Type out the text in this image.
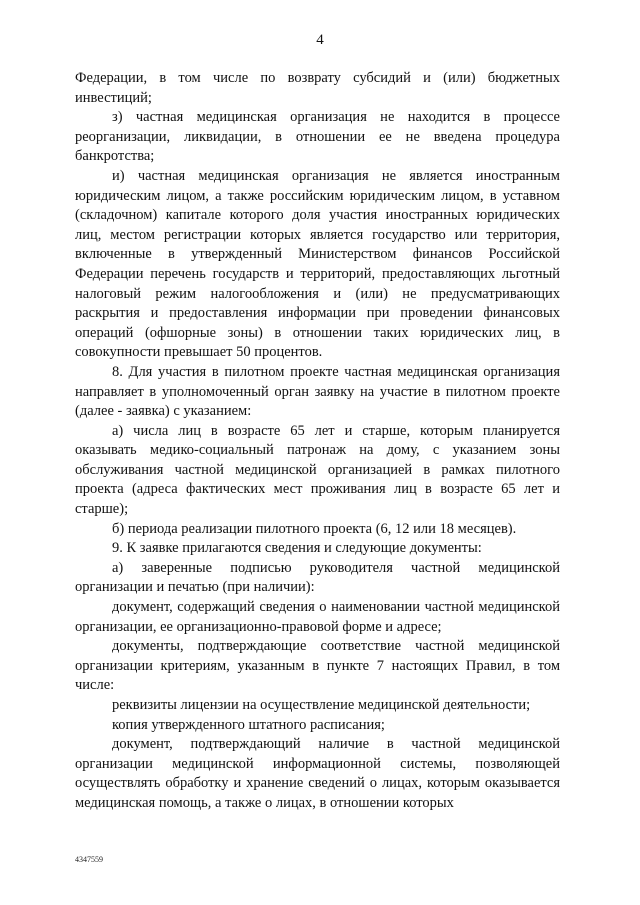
4

Федерации, в том числе по возврату субсидий и (или) бюджетных инвестиций;

з) частная медицинская организация не находится в процессе реорганизации, ликвидации, в отношении ее не введена процедура банкротства;

и) частная медицинская организация не является иностранным юридическим лицом, а также российским юридическим лицом, в уставном (складочном) капитале которого доля участия иностранных юридических лиц, местом регистрации которых является государство или территория, включенные в утвержденный Министерством финансов Российской Федерации перечень государств и территорий, предоставляющих льготный налоговый режим налогообложения и (или) не предусматривающих раскрытия и предоставления информации при проведении финансовых операций (офшорные зоны) в отношении таких юридических лиц, в совокупности превышает 50 процентов.

8. Для участия в пилотном проекте частная медицинская организация направляет в уполномоченный орган заявку на участие в пилотном проекте (далее - заявка) с указанием:

а) числа лиц в возрасте 65 лет и старше, которым планируется оказывать медико-социальный патронаж на дому, с указанием зоны обслуживания частной медицинской организацией в рамках пилотного проекта (адреса фактических мест проживания лиц в возрасте 65 лет и старше);

б) периода реализации пилотного проекта (6, 12 или 18 месяцев).

9. К заявке прилагаются сведения и следующие документы:

а) заверенные подписью руководителя частной медицинской организации и печатью (при наличии):

документ, содержащий сведения о наименовании частной медицинской организации, ее организационно-правовой форме и адресе;

документы, подтверждающие соответствие частной медицинской организации критериям, указанным в пункте 7 настоящих Правил, в том числе:

реквизиты лицензии на осуществление медицинской деятельности;

копия утвержденного штатного расписания;

документ, подтверждающий наличие в частной медицинской организации медицинской информационной системы, позволяющей осуществлять обработку и хранение сведений о лицах, которым оказывается медицинская помощь, а также о лицах, в отношении которых

4347559
